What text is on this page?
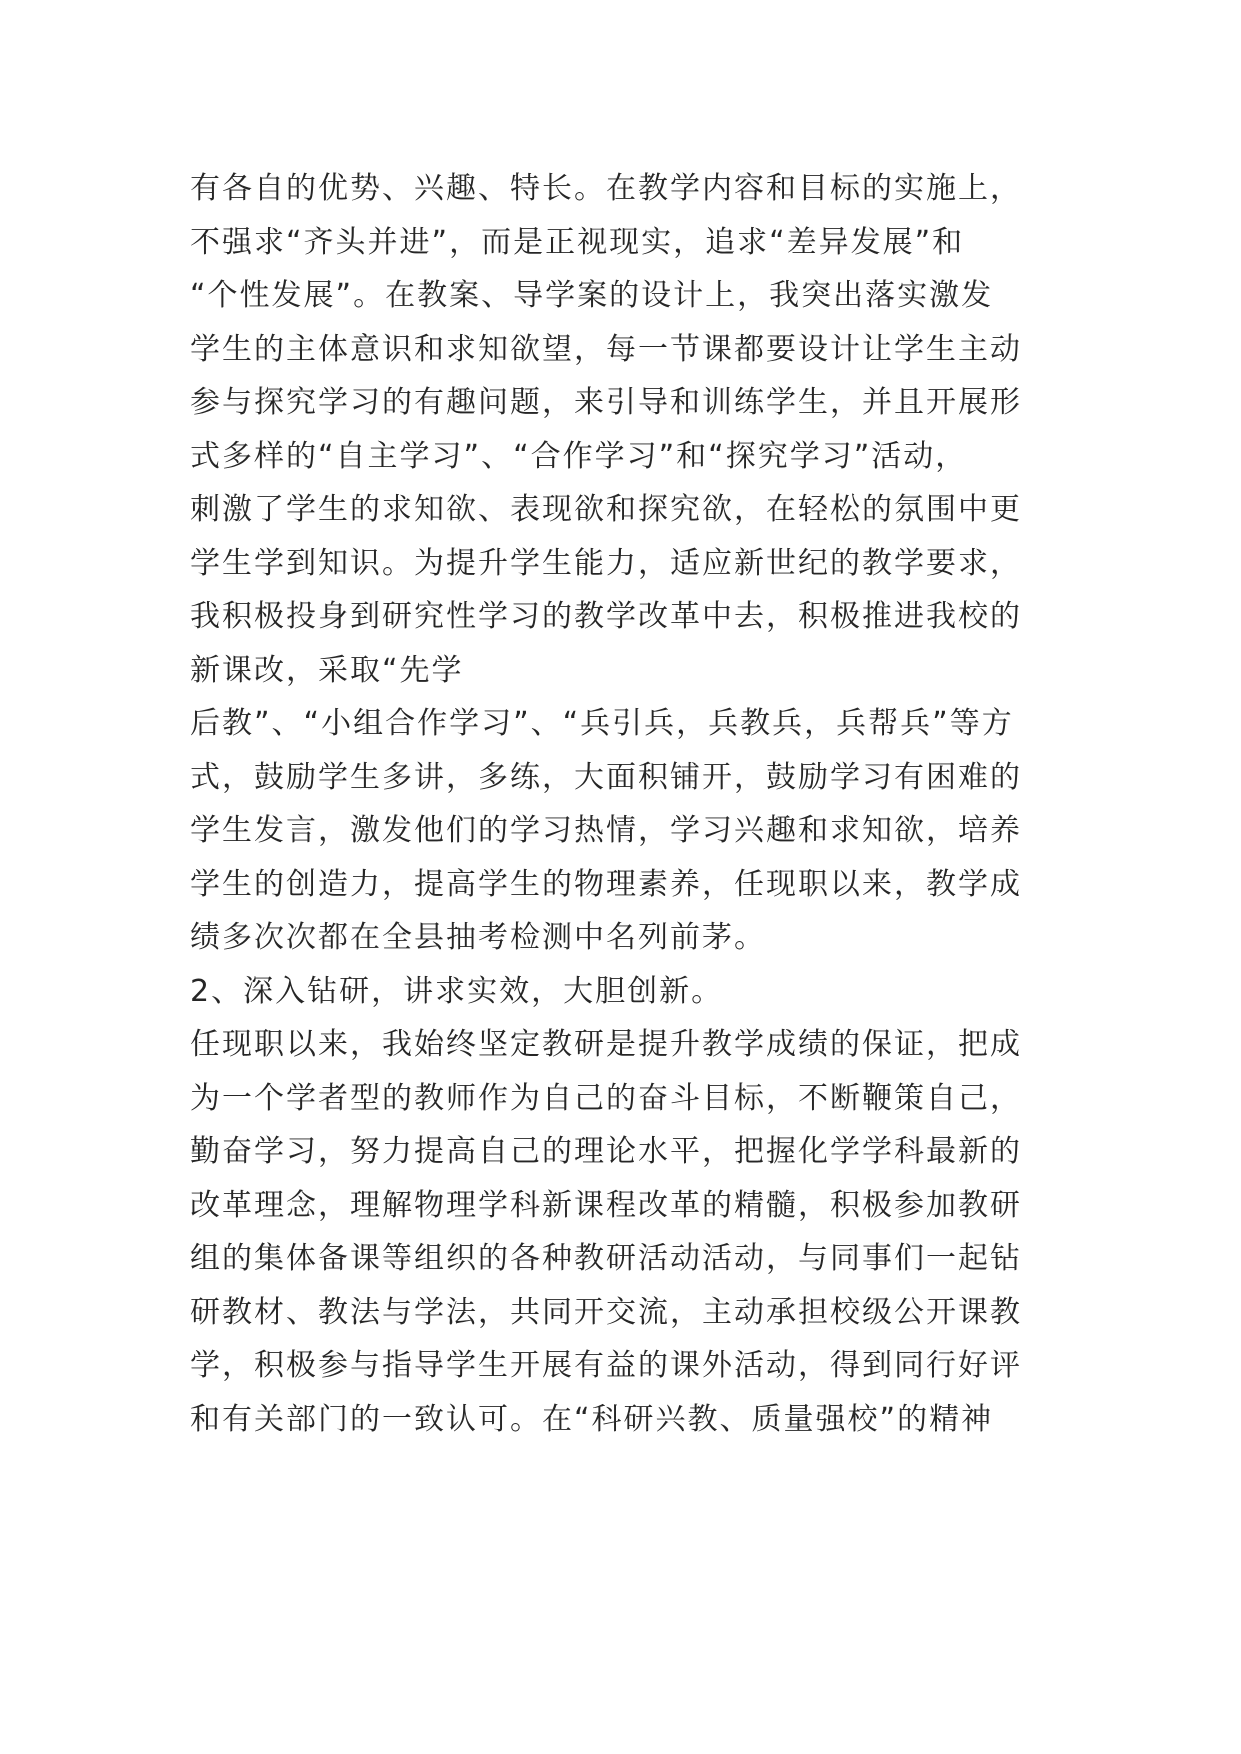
有各自的优势、兴趣、特长。在教学内容和目标的实施上，
不强求“齐头并进”，而是正视现实，追求“差异发展”和
“个性发展”。在教案、导学案的设计上，我突出落实激发
学生的主体意识和求知欲望，每一节课都要设计让学生主动
参与探究学习的有趣问题，来引导和训练学生，并且开展形
式多样的“自主学习”、“合作学习”和“探究学习”活动，
刺激了学生的求知欲、表现欲和探究欲，在轻松的氛围中更
学生学到知识。为提升学生能力，适应新世纪的教学要求，
我积极投身到研究性学习的教学改革中去，积极推进我校的
新课改，采取“先学
后教”、“小组合作学习”、“兵引兵，兵教兵，兵帮兵”等方
式，鼓励学生多讲，多练，大面积铺开，鼓励学习有困难的
学生发言，激发他们的学习热情，学习兴趣和求知欲，培养
学生的创造力，提高学生的物理素养，任现职以来，教学成
绩多次次都在全县抽考检测中名列前茅。
2、深入钻研，讲求实效，大胆创新。
任现职以来，我始终坚定教研是提升教学成绩的保证，把成
为一个学者型的教师作为自己的奋斗目标，不断鞭策自己，
勤奋学习，努力提高自己的理论水平，把握化学学科最新的
改革理念，理解物理学科新课程改革的精髓，积极参加教研
组的集体备课等组织的各种教研活动活动，与同事们一起钻
研教材、教法与学法，共同开交流，主动承担校级公开课教
学，积极参与指导学生开展有益的课外活动，得到同行好评
和有关部门的一致认可。在“科研兴教、质量强校”的精神
